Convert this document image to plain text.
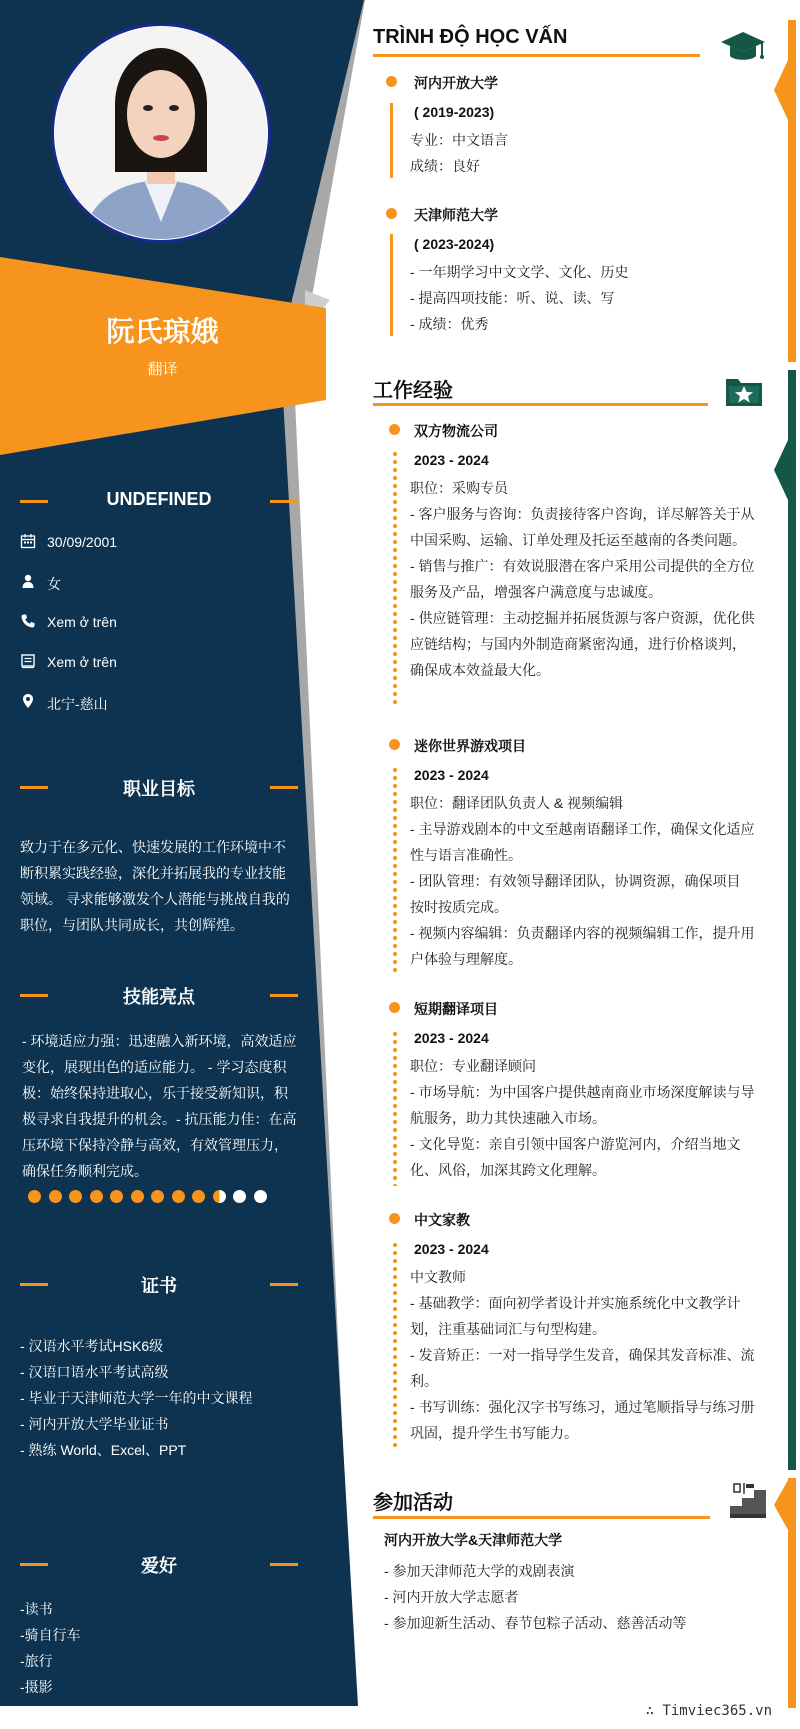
阮氏琼娥
翻译
UNDEFINED
30/09/2001
女
Xem ở trên
Xem ở trên
北宁-慈山
职业目标
致力于在多元化、快速发展的工作环境中不
断积累实践经验，深化并拓展我的专业技能
领域。 寻求能够激发个人潜能与挑战自我的
职位，与团队共同成长，共创辉煌。
技能亮点
- 环境适应力强：迅速融入新环境，高效适应
变化，展现出色的适应能力。 - 学习态度积
极：始终保持进取心，乐于接受新知识，积
极寻求自我提升的机会。- 抗压能力佳：在高
压环境下保持冷静与高效，有效管理压力，
确保任务顺利完成。
证书
- 汉语水平考试HSK6级
- 汉语口语水平考试高级
- 毕业于天津师范大学一年的中文课程
- 河内开放大学毕业证书
- 熟练 World、Excel、PPT
爱好
-读书
-骑自行车
-旅行
-摄影
TRÌNH ĐỘ HỌC VẤN
河内开放大学
( 2019-2023)
专业：中文语言
成绩：良好
天津师范大学
( 2023-2024)
- 一年期学习中文文学、文化、历史
- 提高四项技能：听、说、读、写
- 成绩：优秀
工作经验
双方物流公司
2023 - 2024
职位：采购专员
- 客户服务与咨询：负责接待客户咨询，详尽解答关于从
中国采购、运输、订单处理及托运至越南的各类问题。
- 销售与推广：有效说服潜在客户采用公司提供的全方位
服务及产品，增强客户满意度与忠诚度。
- 供应链管理：主动挖掘并拓展货源与客户资源，优化供
应链结构；与国内外制造商紧密沟通，进行价格谈判，
确保成本效益最大化。
迷你世界游戏项目
2023 - 2024
职位：翻译团队负责人 & 视频编辑
- 主导游戏剧本的中文至越南语翻译工作，确保文化适应
性与语言准确性。
- 团队管理：有效领导翻译团队，协调资源，确保项目
按时按质完成。
- 视频内容编辑：负责翻译内容的视频编辑工作，提升用
户体验与理解度。
短期翻译项目
2023 - 2024
职位：专业翻译顾问
- 市场导航：为中国客户提供越南商业市场深度解读与导
航服务，助力其快速融入市场。
- 文化导览：亲自引领中国客户游览河内，介绍当地文
化、风俗，加深其跨文化理解。
中文家教
2023 - 2024
中文教师
- 基础教学：面向初学者设计并实施系统化中文教学计
划，注重基础词汇与句型构建。
- 发音矫正：一对一指导学生发音，确保其发音标准、流
利。
- 书写训练：强化汉字书写练习，通过笔顺指导与练习册
巩固，提升学生书写能力。
参加活动
河内开放大学&天津师范大学
- 参加天津师范大学的戏剧表演
- 河内开放大学志愿者
- 参加迎新生活动、春节包粽子活动、慈善活动等
∴ Timviec365.vn
